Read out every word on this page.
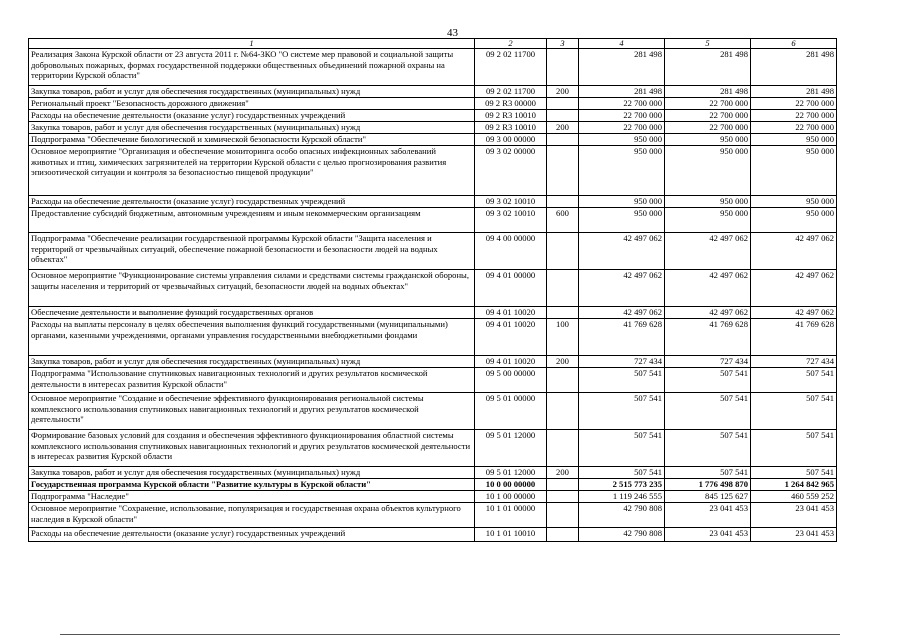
43
1	2	3	4	5	6
Реализация Закона Курской области от 23 августа 2011 г. №64-ЗКО "О системе мер правовой и социальной защиты добровольных пожарных, формах государственной поддержки общественных объединений пожарной охраны на территории Курской области"	09 2 02 11700		281 498	281 498	281 498
Закупка товаров, работ и услуг для обеспечения государственных (муниципальных) нужд	09 2 02 11700	200	281 498	281 498	281 498
Региональный проект "Безопасность дорожного движения"	09 2 R3 00000		22 700 000	22 700 000	22 700 000
Расходы на обеспечение деятельности (оказание услуг) государственных учреждений	09 2 R3 10010		22 700 000	22 700 000	22 700 000
Закупка товаров, работ и услуг для обеспечения государственных (муниципальных) нужд	09 2 R3 10010	200	22 700 000	22 700 000	22 700 000
Подпрограмма "Обеспечение биологической и химической безопасности Курской области"	09 3 00 00000		950 000	950 000	950 000
Основное мероприятие "Организация и обеспечение мониторинга особо опасных инфекционных заболеваний животных и птиц, химических загрязнителей на территории Курской области с целью прогнозирования развития эпизоотической ситуации и контроля за безопасностью пищевой продукции"	09 3 02 00000		950 000	950 000	950 000
Расходы на обеспечение деятельности (оказание услуг) государственных учреждений	09 3 02 10010		950 000	950 000	950 000
Предоставление субсидий бюджетным, автономным учреждениям и иным некоммерческим организациям	09 3 02 10010	600	950 000	950 000	950 000
Подпрограмма "Обеспечение реализации государственной программы Курской области "Защита населения и территорий от чрезвычайных ситуаций, обеспечение пожарной безопасности и безопасности людей на водных объектах"	09 4 00 00000		42 497 062	42 497 062	42 497 062
Основное мероприятие "Функционирование системы управления силами и средствами системы гражданской обороны, защиты населения и территорий от чрезвычайных ситуаций, безопасности людей на водных объектах"	09 4 01 00000		42 497 062	42 497 062	42 497 062
Обеспечение деятельности и выполнение функций государственных органов	09 4 01 10020		42 497 062	42 497 062	42 497 062
Расходы на выплаты персоналу в целях обеспечения выполнения функций государственными (муниципальными) органами, казенными учреждениями, органами управления государственными внебюджетными фондами	09 4 01 10020	100	41 769 628	41 769 628	41 769 628
Закупка товаров, работ и услуг для обеспечения государственных (муниципальных) нужд	09 4 01 10020	200	727 434	727 434	727 434
Подпрограмма "Использование спутниковых навигационных технологий и других результатов космической деятельности в интересах развития Курской области"	09 5 00 00000		507 541	507 541	507 541
Основное мероприятие "Создание и обеспечение эффективного функционирования региональной системы комплексного использования спутниковых навигационных технологий и других результатов космической деятельности"	09 5 01 00000		507 541	507 541	507 541
Формирование базовых условий для создания и обеспечения эффективного функционирования областной системы комплексного использования спутниковых навигационных технологий и других результатов космической деятельности в интересах развития Курской области	09 5 01 12000		507 541	507 541	507 541
Закупка товаров, работ и услуг для обеспечения государственных (муниципальных) нужд	09 5 01 12000	200	507 541	507 541	507 541
Государственная программа Курской области "Развитие культуры в Курской области"	10 0 00 00000		2 515 773 235	1 776 498 870	1 264 842 965
Подпрограмма "Наследие"	10 1 00 00000		1 119 246 555	845 125 627	460 559 252
Основное мероприятие "Сохранение, использование, популяризация и государственная охрана объектов культурного наследия в Курской области"	10 1 01 00000		42 790 808	23 041 453	23 041 453
Расходы на обеспечение деятельности (оказание услуг) государственных учреждений	10 1 01 10010		42 790 808	23 041 453	23 041 453
